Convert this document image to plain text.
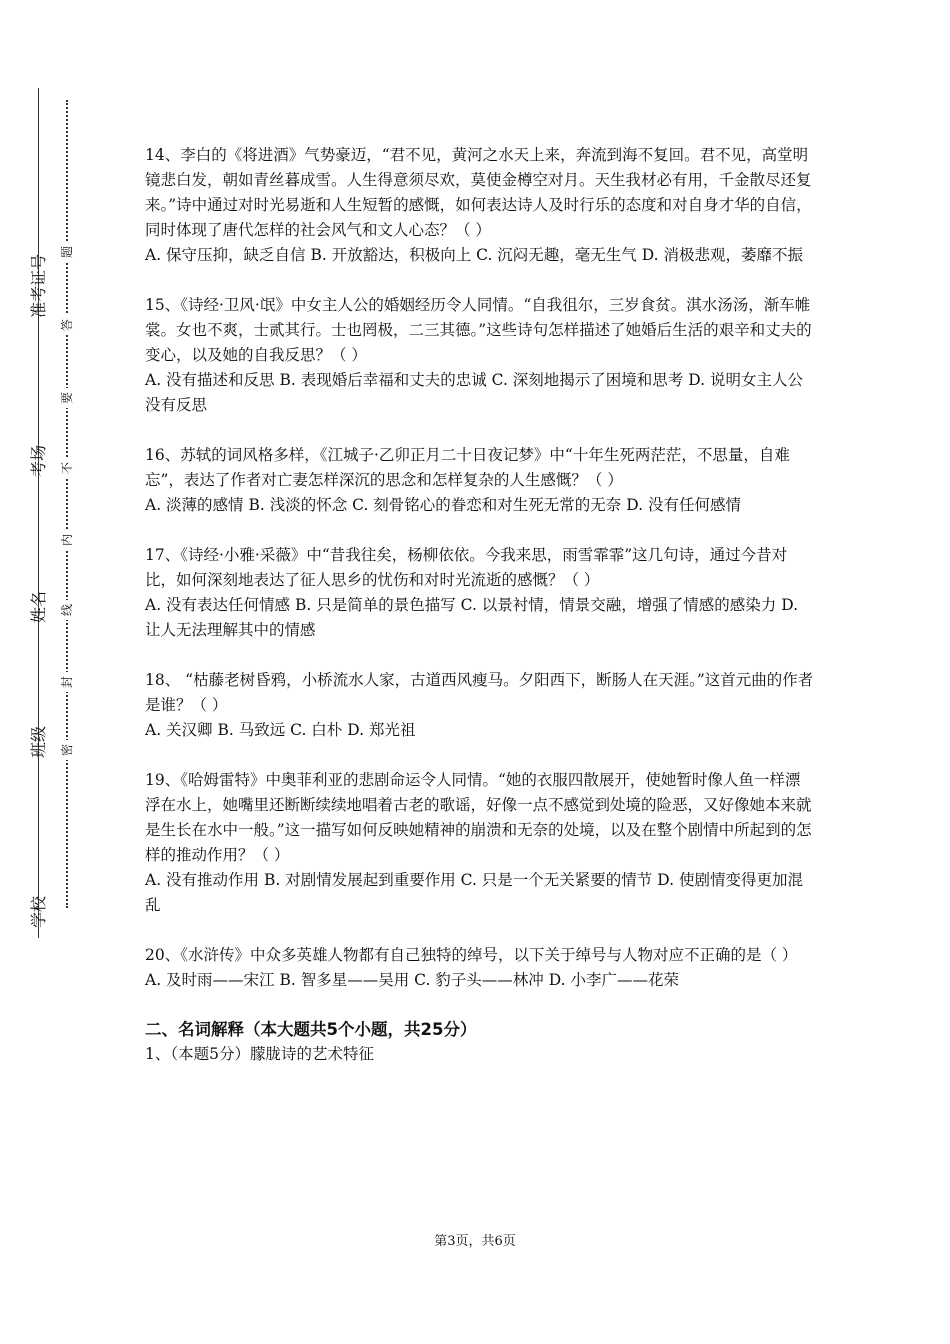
学校
班级
姓名
考场
准考证号
密
封
线
内
不
要
答
题

14、李白的《将进酒》气势豪迈，“君不见，黄河之水天上来，奔流到海不复回。君不见，高堂明镜悲白发，朝如青丝暮成雪。人生得意须尽欢，莫使金樽空对月。天生我材必有用，千金散尽还复来。”诗中通过对时光易逝和人生短暂的感慨，如何表达诗人及时行乐的态度和对自身才华的自信，同时体现了唐代怎样的社会风气和文人心态？（ ）

A. 保守压抑，缺乏自信 B. 开放豁达，积极向上 C. 沉闷无趣，毫无生气 D. 消极悲观，萎靡不振

15、《诗经·卫风·氓》中女主人公的婚姻经历令人同情。“自我徂尔，三岁食贫。淇水汤汤，渐车帷裳。女也不爽，士贰其行。士也罔极，二三其德。”这些诗句怎样描述了她婚后生活的艰辛和丈夫的变心，以及她的自我反思？（ ）

A. 没有描述和反思 B. 表现婚后幸福和丈夫的忠诚 C. 深刻地揭示了困境和思考 D. 说明女主人公没有反思

16、苏轼的词风格多样，《江城子·乙卯正月二十日夜记梦》中“十年生死两茫茫，不思量，自难忘”，表达了作者对亡妻怎样深沉的思念和怎样复杂的人生感慨？（ ）

A. 淡薄的感情 B. 浅淡的怀念 C. 刻骨铭心的眷恋和对生死无常的无奈 D. 没有任何感情

17、《诗经·小雅·采薇》中“昔我往矣，杨柳依依。今我来思，雨雪霏霏”这几句诗，通过今昔对比，如何深刻地表达了征人思乡的忧伤和对时光流逝的感慨？（ ）

A. 没有表达任何情感 B. 只是简单的景色描写 C. 以景衬情，情景交融，增强了情感的感染力 D. 让人无法理解其中的情感

18、 “枯藤老树昏鸦，小桥流水人家，古道西风瘦马。夕阳西下，断肠人在天涯。”这首元曲的作者是谁？（ ）

A. 关汉卿 B. 马致远 C. 白朴 D. 郑光祖

19、《哈姆雷特》中奥菲利亚的悲剧命运令人同情。“她的衣服四散展开，使她暂时像人鱼一样漂浮在水上，她嘴里还断断续续地唱着古老的歌谣，好像一点不感觉到处境的险恶，又好像她本来就是生长在水中一般。”这一描写如何反映她精神的崩溃和无奈的处境，以及在整个剧情中所起到的怎样的推动作用？（ ）

A. 没有推动作用 B. 对剧情发展起到重要作用 C. 只是一个无关紧要的情节 D. 使剧情变得更加混乱

20、《水浒传》中众多英雄人物都有自己独特的绰号，以下关于绰号与人物对应不正确的是（ ）

A. 及时雨——宋江 B. 智多星——吴用 C. 豹子头——林冲 D. 小李广——花荣

二、名词解释（本大题共5个小题，共25分）
1、（本题5分）朦胧诗的艺术特征
第3页，共6页
